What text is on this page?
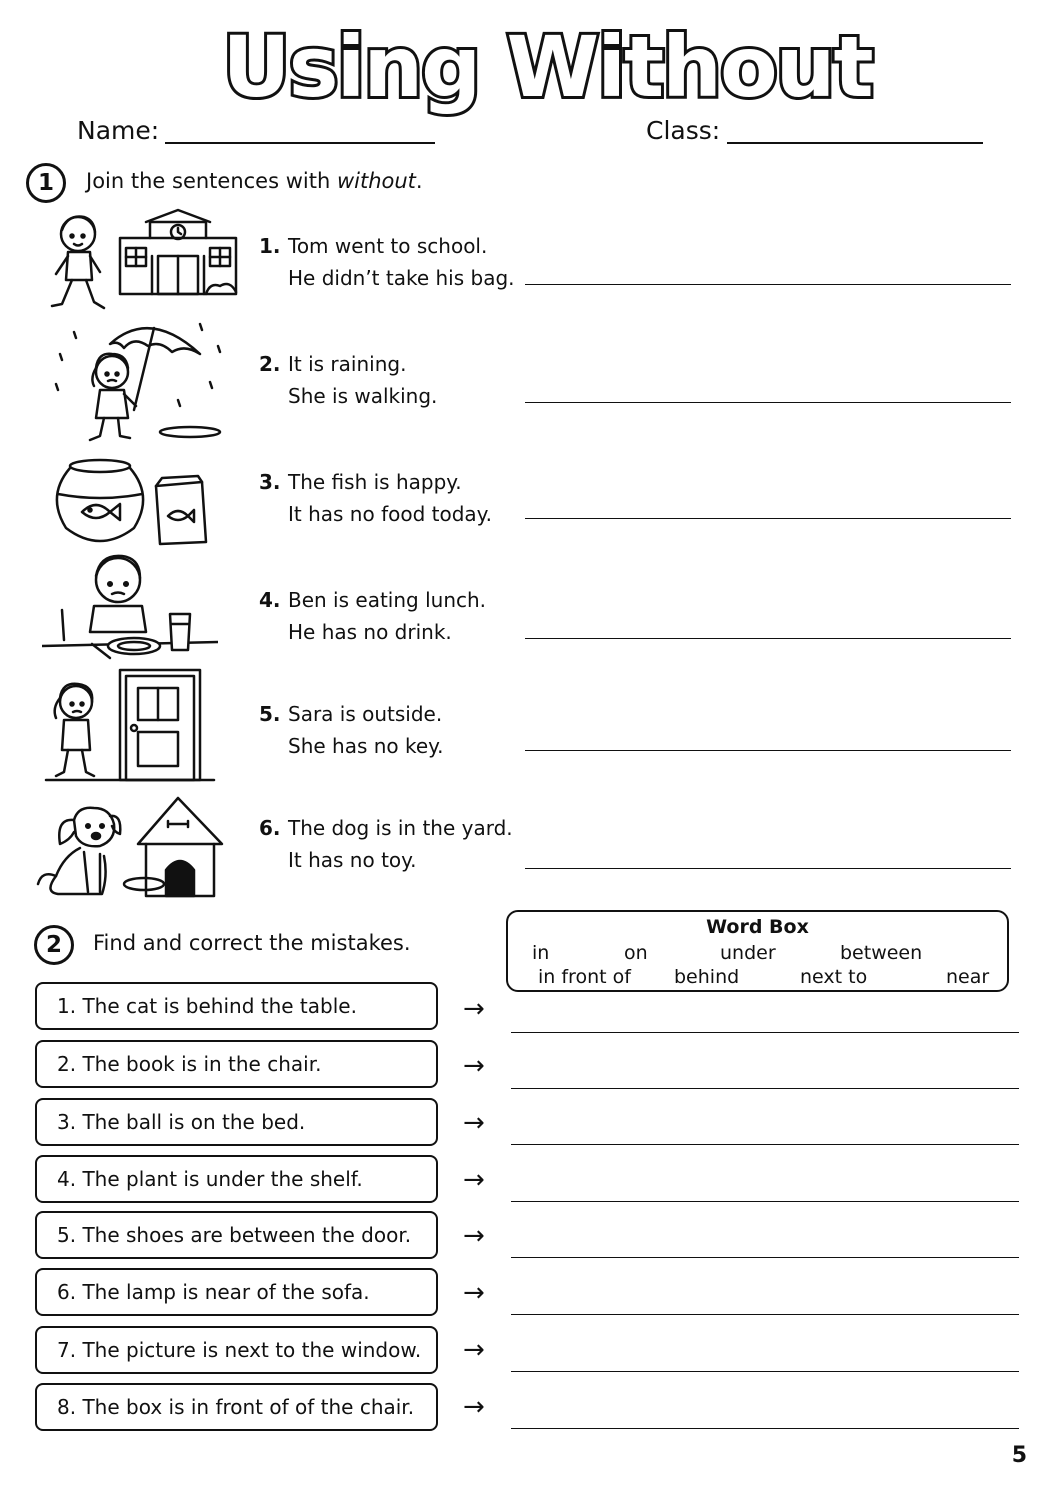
Using Without
Name:	Class:
1	Join the sentences with without.
1. Tom went to school.
He didn’t take his bag.
2. It is raining.
She is walking.
3. The fish is happy.
It has no food today.
4. Ben is eating lunch.
He has no drink.
5. Sara is outside.
She has no key.
6. The dog is in the yard.
It has no toy.
2	Find and correct the mistakes.
Word Box
in	on	under	between
in front of behind	next to	near
1. The cat is behind the table.	→
2. The book is in the chair.	→
3. The ball is on the bed.	→
4. The plant is under the shelf.	→
5. The shoes are between the door.	→
6. The lamp is near of the sofa.	→
7. The picture is next to the window.	→
8. The box is in front of of the chair.	→
5
